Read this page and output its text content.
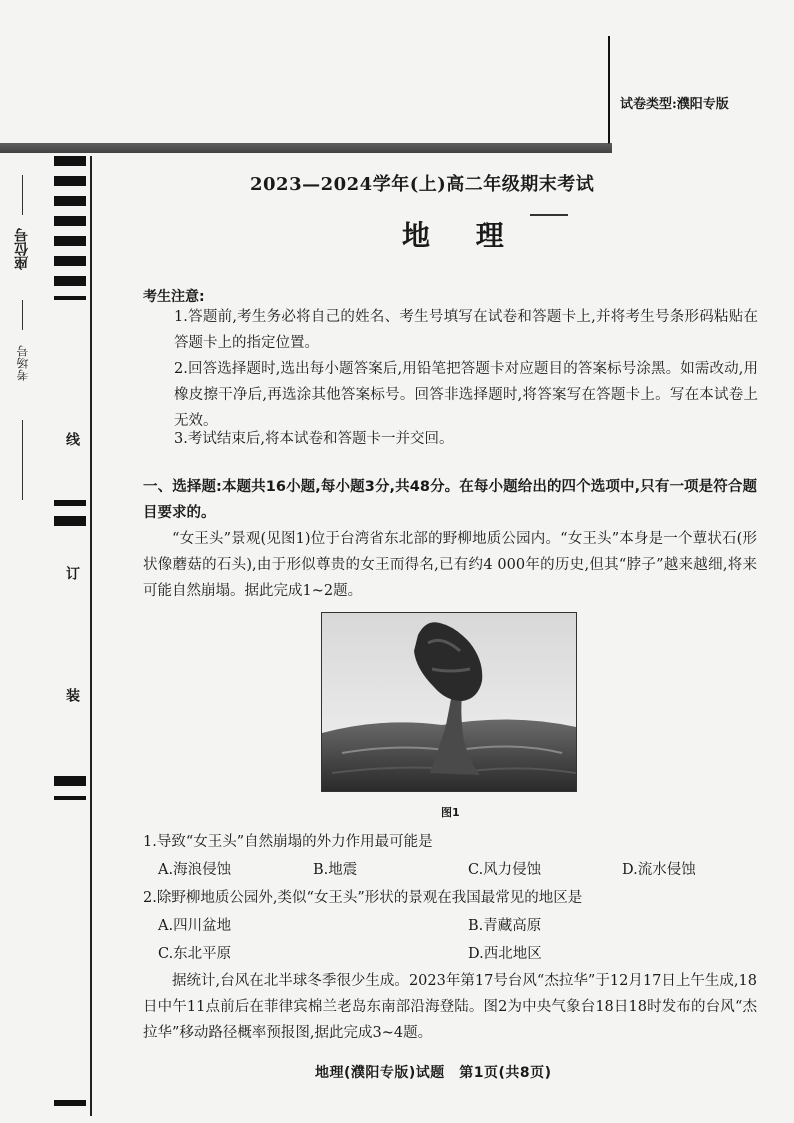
试卷类型:濮阳专版
座位号
考场号
线
订
装
2023—2024学年(上)高二年级期末考试
地 理
考生注意:
1.答题前,考生务必将自己的姓名、考生号填写在试卷和答题卡上,并将考生号条形码粘贴在答题卡上的指定位置。
2.回答选择题时,选出每小题答案后,用铅笔把答题卡对应题目的答案标号涂黑。如需改动,用橡皮擦干净后,再选涂其他答案标号。回答非选择题时,将答案写在答题卡上。写在本试卷上无效。
3.考试结束后,将本试卷和答题卡一并交回。
一、选择题:本题共16小题,每小题3分,共48分。在每小题给出的四个选项中,只有一项是符合题目要求的。
“女王头”景观(见图1)位于台湾省东北部的野柳地质公园内。“女王头”本身是一个蕈状石(形状像蘑菇的石头),由于形似尊贵的女王而得名,已有约4 000年的历史,但其“脖子”越来越细,将来可能自然崩塌。据此完成1~2题。
图1
1.导致“女王头”自然崩塌的外力作用最可能是
A.海浪侵蚀	B.地震	C.风力侵蚀	D.流水侵蚀
2.除野柳地质公园外,类似“女王头”形状的景观在我国最常见的地区是
A.四川盆地	B.青藏高原
C.东北平原	D.西北地区
据统计,台风在北半球冬季很少生成。2023年第17号台风“杰拉华”于12月17日上午生成,18日中午11点前后在菲律宾棉兰老岛东南部沿海登陆。图2为中央气象台18日18时发布的台风“杰拉华”移动路径概率预报图,据此完成3~4题。
地理(濮阳专版)试题　第1页(共8页)
